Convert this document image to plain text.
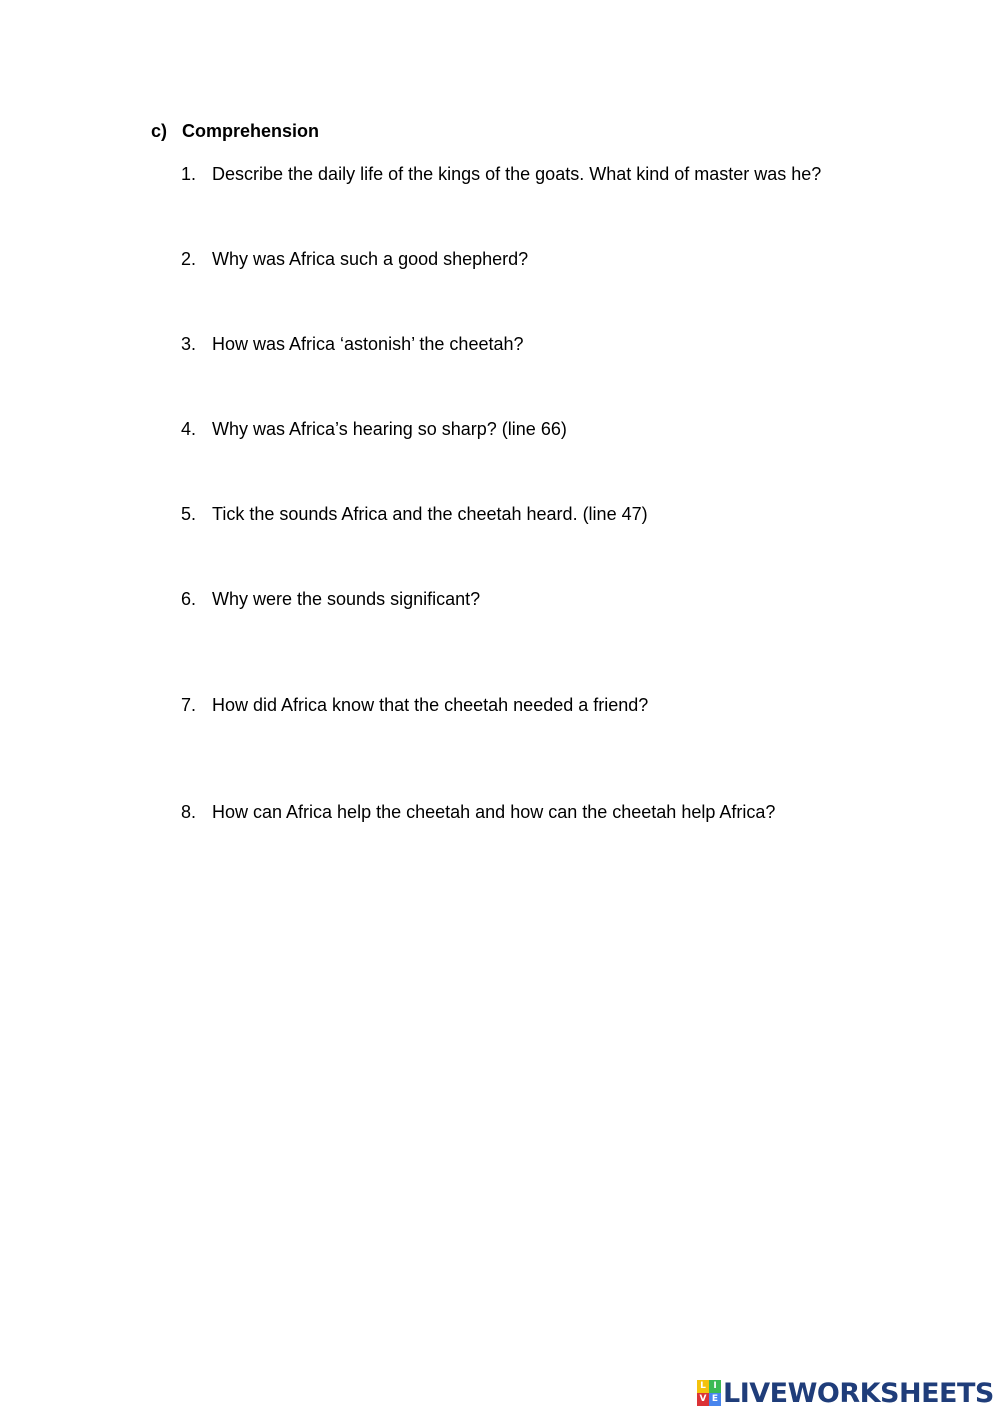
c) Comprehension
1. Describe the daily life of the kings of the goats. What kind of master was he?
2. Why was Africa such a good shepherd?
3. How was Africa ‘astonish’ the cheetah?
4. Why was Africa’s hearing so sharp? (line 66)
5. Tick the sounds Africa and the cheetah heard. (line 47)
6. Why were the sounds significant?
7. How did Africa know that the cheetah needed a friend?
8. How can Africa help the cheetah and how can the cheetah help Africa?
L I
V E LIVEWORKSHEETS
